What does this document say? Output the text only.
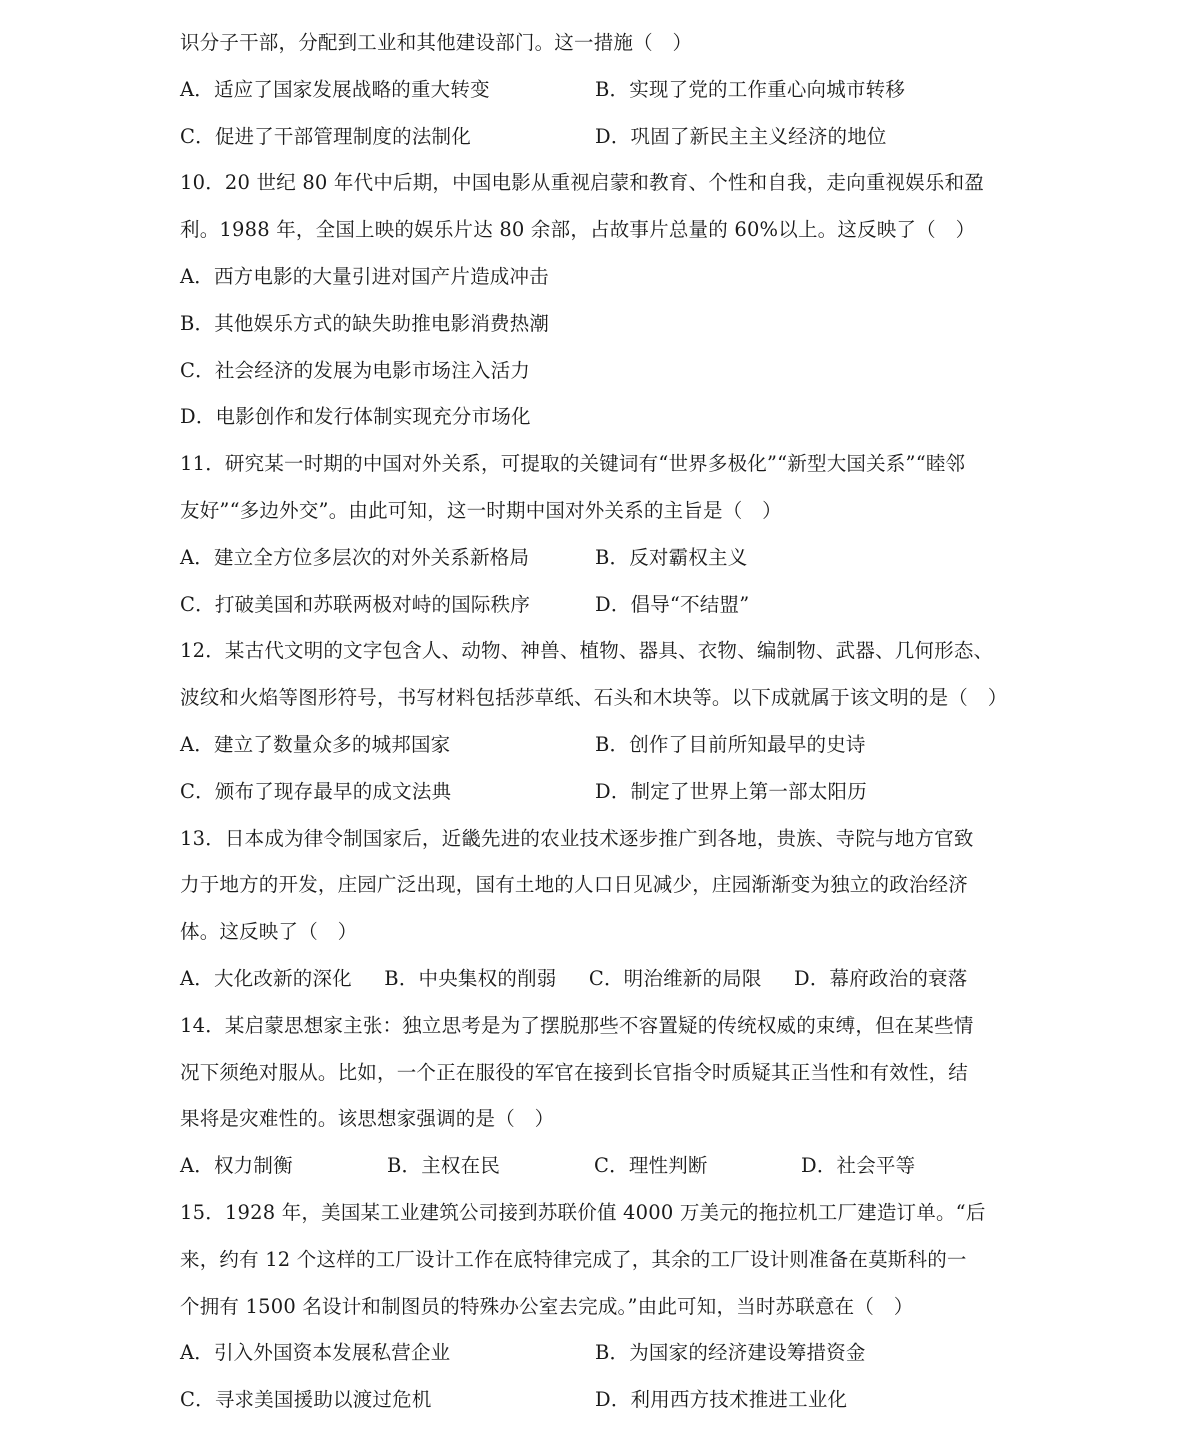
识分子干部，分配到工业和其他建设部门。这一措施（　）
A．适应了国家发展战略的重大转变	B．实现了党的工作重心向城市转移
C．促进了干部管理制度的法制化	D．巩固了新民主主义经济的地位
10．20 世纪 80 年代中后期，中国电影从重视启蒙和教育、个性和自我，走向重视娱乐和盈
利。1988 年，全国上映的娱乐片达 80 余部，占故事片总量的 60%以上。这反映了（　）
A．西方电影的大量引进对国产片造成冲击
B．其他娱乐方式的缺失助推电影消费热潮
C．社会经济的发展为电影市场注入活力
D．电影创作和发行体制实现充分市场化
11．研究某一时期的中国对外关系，可提取的关键词有“世界多极化”“新型大国关系”“睦邻
友好”“多边外交”。由此可知，这一时期中国对外关系的主旨是（　）
A．建立全方位多层次的对外关系新格局	B．反对霸权主义
C．打破美国和苏联两极对峙的国际秩序	D．倡导“不结盟”
12．某古代文明的文字包含人、动物、神兽、植物、器具、衣物、编制物、武器、几何形态、
波纹和火焰等图形符号，书写材料包括莎草纸、石头和木块等。以下成就属于该文明的是（　）
A．建立了数量众多的城邦国家	B．创作了目前所知最早的史诗
C．颁布了现存最早的成文法典	D．制定了世界上第一部太阳历
13．日本成为律令制国家后，近畿先进的农业技术逐步推广到各地，贵族、寺院与地方官致
力于地方的开发，庄园广泛出现，国有土地的人口日见减少，庄园渐渐变为独立的政治经济
体。这反映了（　）
A．大化改新的深化 B．中央集权的削弱 C．明治维新的局限 D．幕府政治的衰落
14．某启蒙思想家主张：独立思考是为了摆脱那些不容置疑的传统权威的束缚，但在某些情
况下须绝对服从。比如，一个正在服役的军官在接到长官指令时质疑其正当性和有效性，结
果将是灾难性的。该思想家强调的是（　）
A．权力制衡	B．主权在民	C．理性判断	D．社会平等
15．1928 年，美国某工业建筑公司接到苏联价值 4000 万美元的拖拉机工厂建造订单。“后
来，约有 12 个这样的工厂设计工作在底特律完成了，其余的工厂设计则准备在莫斯科的一
个拥有 1500 名设计和制图员的特殊办公室去完成。”由此可知，当时苏联意在（　）
A．引入外国资本发展私营企业	B．为国家的经济建设筹措资金
C．寻求美国援助以渡过危机	D．利用西方技术推进工业化
